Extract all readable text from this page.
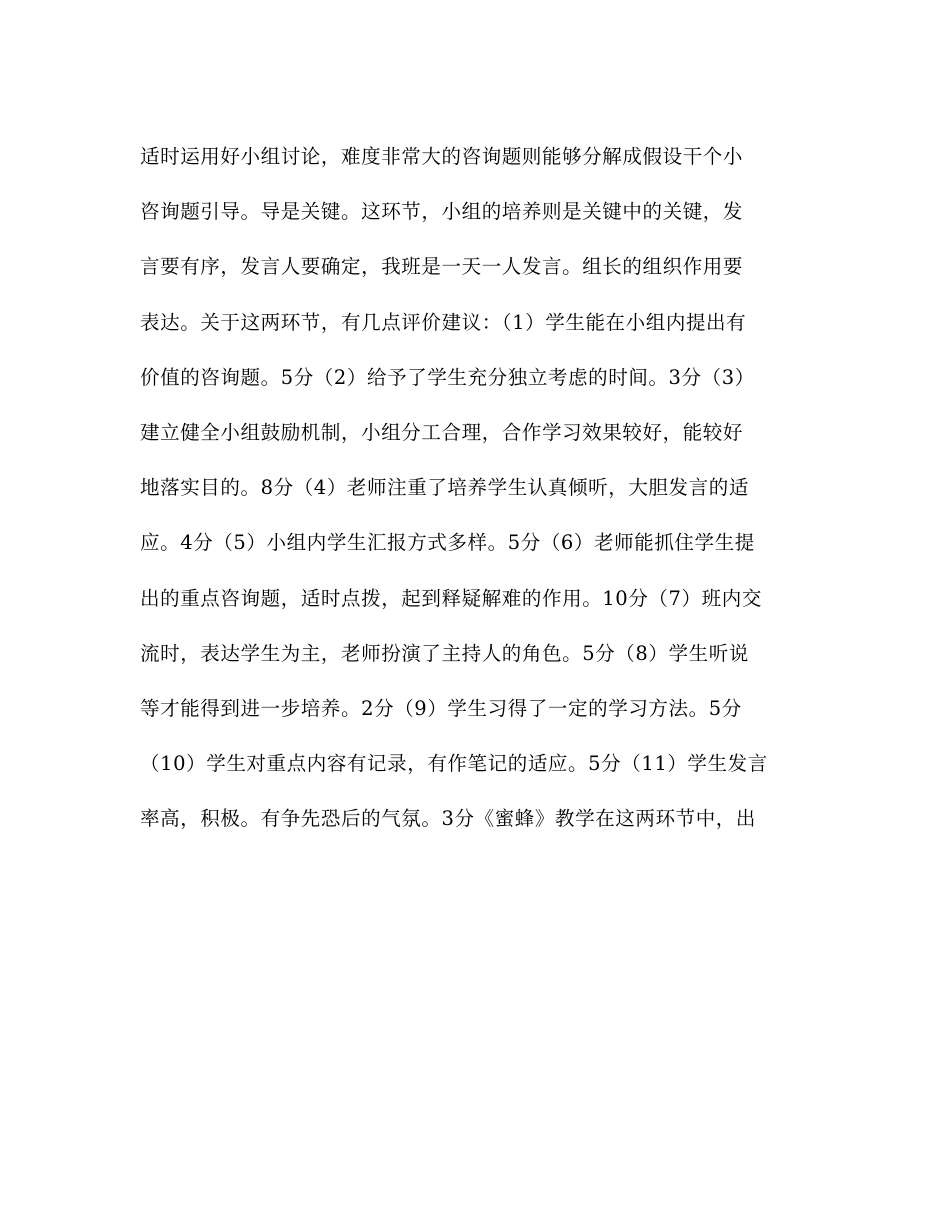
适时运用好小组讨论，难度非常大的咨询题则能够分解成假设干个小
咨询题引导。导是关键。这环节，小组的培养则是关键中的关键，发
言要有序，发言人要确定，我班是一天一人发言。组长的组织作用要
表达。关于这两环节，有几点评价建议：（1）学生能在小组内提出有
价值的咨询题。5分（2）给予了学生充分独立考虑的时间。3分（3）
建立健全小组鼓励机制，小组分工合理，合作学习效果较好，能较好
地落实目的。8分（4）老师注重了培养学生认真倾听，大胆发言的适
应。4分（5）小组内学生汇报方式多样。5分（6）老师能抓住学生提
出的重点咨询题，适时点拨，起到释疑解难的作用。10分（7）班内交
流时，表达学生为主，老师扮演了主持人的角色。5分（8）学生听说
等才能得到进一步培养。2分（9）学生习得了一定的学习方法。5分
（10）学生对重点内容有记录，有作笔记的适应。5分（11）学生发言
率高，积极。有争先恐后的气氛。3分《蜜蜂》教学在这两环节中，出
